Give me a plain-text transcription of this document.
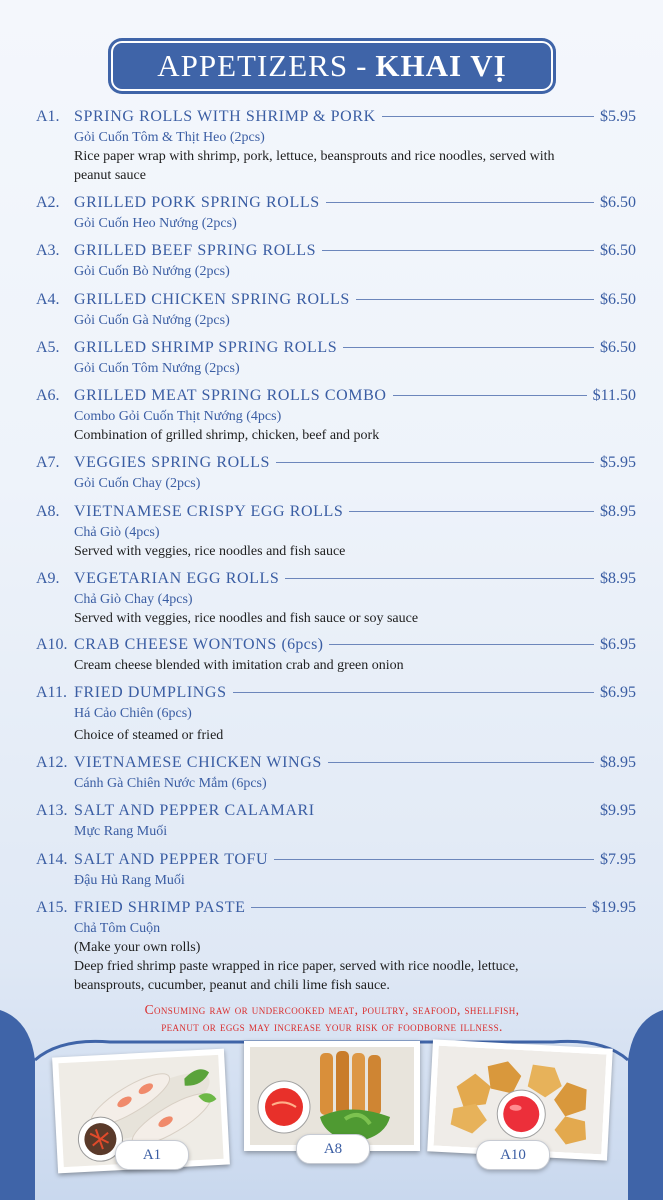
APPETIZERS - KHAI VỊ
A1. SPRING ROLLS WITH SHRIMP & PORK	$5.95
Gỏi Cuốn Tôm & Thịt Heo (2pcs)
Rice paper wrap with shrimp, pork, lettuce, beansprouts and rice noodles, served with
peanut sauce
A2. GRILLED PORK SPRING ROLLS	$6.50
Gỏi Cuốn Heo Nướng (2pcs)
A3. GRILLED BEEF SPRING ROLLS	$6.50
Gỏi Cuốn Bò Nướng (2pcs)
A4. GRILLED CHICKEN SPRING ROLLS	$6.50
Gỏi Cuốn Gà Nướng (2pcs)
A5. GRILLED SHRIMP SPRING ROLLS	$6.50
Gỏi Cuốn Tôm Nướng (2pcs)
A6. GRILLED MEAT SPRING ROLLS COMBO	$11.50
Combo Gỏi Cuốn Thịt Nướng (4pcs)
Combination of grilled shrimp, chicken, beef and pork
A7. VEGGIES SPRING ROLLS	$5.95
Gỏi Cuốn Chay (2pcs)
A8. VIETNAMESE CRISPY EGG ROLLS	$8.95
Chả Giò (4pcs)
Served with veggies, rice noodles and fish sauce
A9. VEGETARIAN EGG ROLLS	$8.95
Chả Giò Chay (4pcs)
Served with veggies, rice noodles and fish sauce or soy sauce
A10. CRAB CHEESE WONTONS (6pcs)	$6.95
Cream cheese blended with imitation crab and green onion
A11. FRIED DUMPLINGS	$6.95
Há Cảo Chiên (6pcs)
Choice of steamed or fried
A12. VIETNAMESE CHICKEN WINGS	$8.95
Cánh Gà Chiên Nước Mắm (6pcs)
A13. SALT AND PEPPER CALAMARI	$9.95
Mực Rang Muối
A14. SALT AND PEPPER TOFU	$7.95
Đậu Hủ Rang Muối
A15. FRIED SHRIMP PASTE	$19.95
Chả Tôm Cuộn
(Make your own rolls)
Deep fried shrimp paste wrapped in rice paper, served with rice noodle, lettuce,
beansprouts, cucumber, peanut and chili lime fish sauce.
Consuming raw or undercooked meat, poultry, seafood, shellfish,
peanut or eggs may increase your risk of foodborne illness.
A1	A8	A10
